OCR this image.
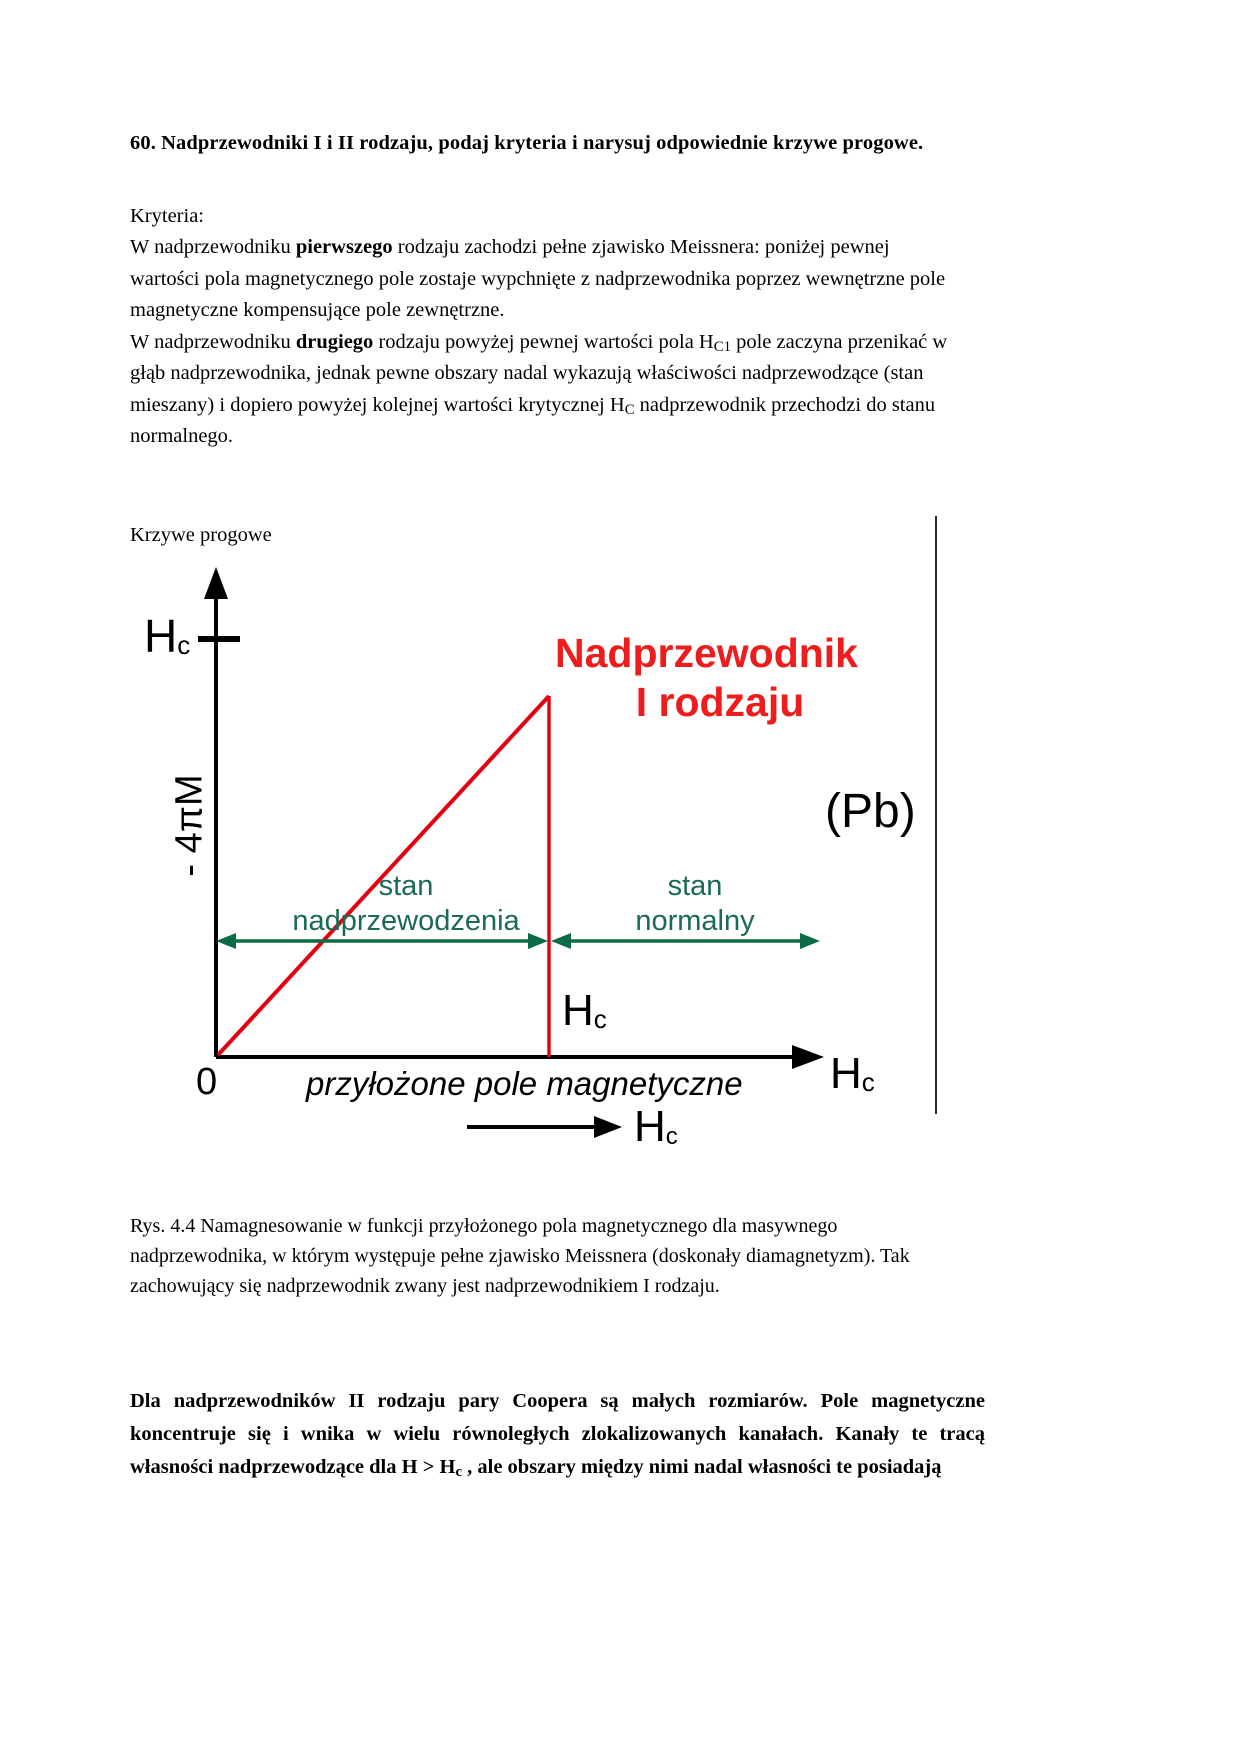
60. Nadprzewodniki I i II rodzaju, podaj kryteria i narysuj odpowiednie krzywe progowe.

Kryteria:

W nadprzewodniku pierwszego rodzaju zachodzi pełne zjawisko Meissnera: poniżej pewnej wartości pola magnetycznego pole zostaje wypchnięte z nadprzewodnika poprzez wewnętrzne pole magnetyczne kompensujące pole zewnętrzne.

W nadprzewodniku drugiego rodzaju powyżej pewnej wartości pola $H_{C1}$ pole zaczyna przenikać w głąb nadprzewodnika, jednak pewne obszary nadal wykazują właściwości nadprzewodzące (stan mieszany) i dopiero powyżej kolejnej wartości krytycznej $H_C$ nadprzewodnik przechodzi do stanu normalnego.

Krzywe progowe

Hc
- 4πM
Nadprzewodnik
I rodzaju
(Pb)
stan
nadprzewodzenia
stan
normalny
Hc
0	przyłożone pole magnetyczne Hc
Hc

Rys. 4.4 Namagnesowanie w funkcji przyłożonego pola magnetycznego dla masywnego nadprzewodnika, w którym występuje pełne zjawisko Meissnera (doskonały diamagnetyzm). Tak zachowujący się nadprzewodnik zwany jest nadprzewodnikiem I rodzaju.

Dla nadprzewodników II rodzaju pary Coopera są małych rozmiarów. Pole magnetyczne koncentruje się i wnika w wielu równoległych zlokalizowanych kanałach. Kanały te tracą własności nadprzewodzące dla $H > H_c$ , ale obszary między nimi nadal własności te posiadają
